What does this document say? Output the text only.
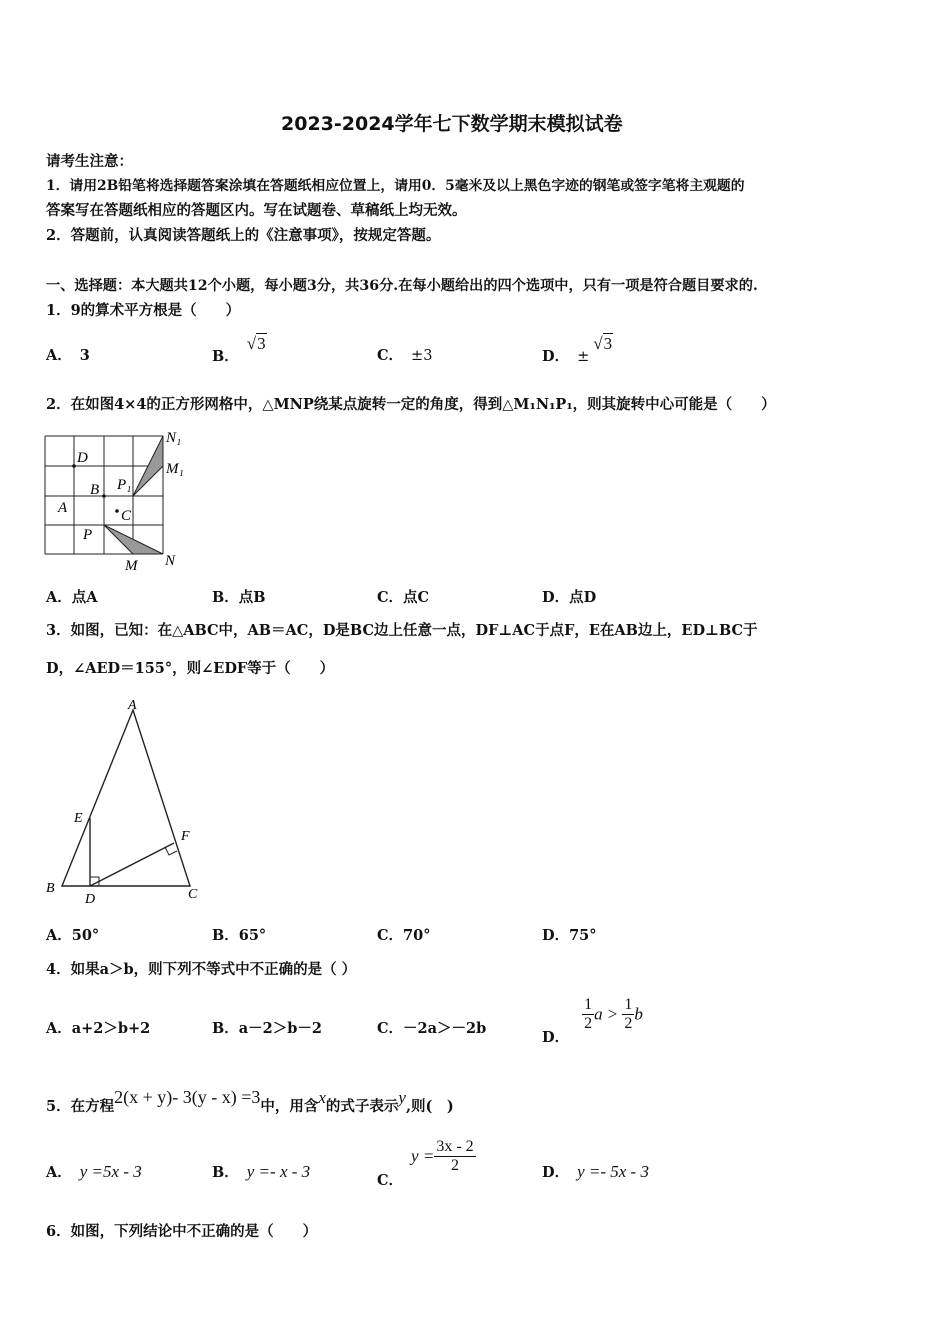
2023-2024学年七下数学期末模拟试卷
请考生注意：
1．请用2B铅笔将选择题答案涂填在答题纸相应位置上，请用0．5毫米及以上黑色字迹的钢笔或签字笔将主观题的
答案写在答题纸相应的答题区内。写在试题卷、草稿纸上均无效。
2．答题前，认真阅读答题纸上的《注意事项》，按规定答题。
一、选择题：本大题共12个小题，每小题3分，共36分.在每小题给出的四个选项中，只有一项是符合题目要求的.
1．9的算术平方根是（　　）
A． 3	B．√3
C． ±3	D． ±√3
2．在如图4×4的正方形网格中，△MNP绕某点旋转一定的角度，得到△M₁N₁P₁，则其旋转中心可能是（　　）
D
B P₁
A	C
P
M N
N₁
M₁
A．点A	B．点B	C．点C	D．点D
3．如图，已知：在△ABC中，AB＝AC，D是BC边上任意一点，DF⊥AC于点F，E在AB边上，ED⊥BC于
D，∠AED＝155°，则∠EDF等于（　　）
A
E
F
B
D	C
A．50°	B．65°	C．70°	D．75°
4．如果a＞b，则下列不等式中不正确的是（ ）
A．a+2＞b+2	B．a－2＞b－2	C．－2a＞－2b	D．
$\frac{1}{2}$ $a > \frac{1}{2}$ b
5．在方程2(x + y)- 3(y - x) =3中，用含x的式子表示y,则(　)
A． y =5x - 3	B． y =- x - 3	C．$y = \frac{3x - 2}{2}$	D． y =- 5x - 3
6．如图，下列结论中不正确的是（　　）
